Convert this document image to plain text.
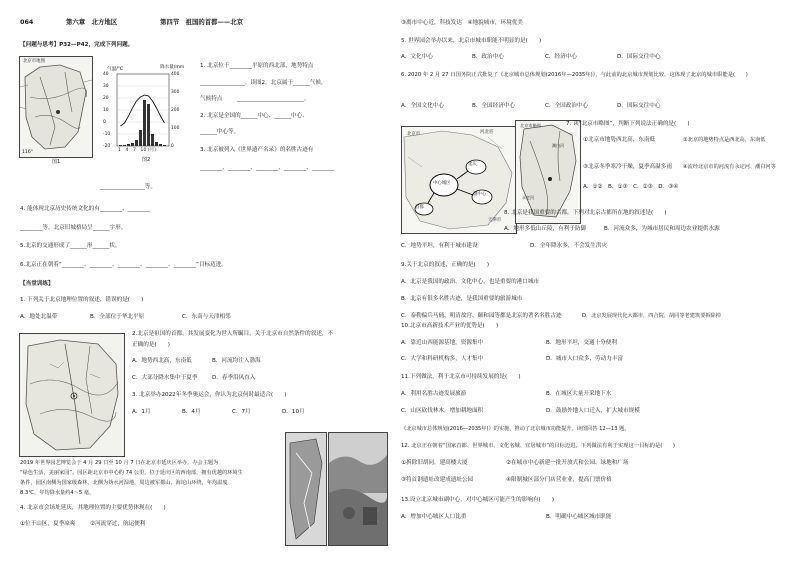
064	第六章　北方地区	第四节　祖国的首都——北京
【问题与思考】P32—P42，完成下列问题。
北京市地图
116°
图1
气温/℃	降水量/mm
40
30
20
10
0
-10
-20
400
300
200
100
0
1　4　7　10 (月)
图2
1. 北京位于________平原的西北部，地势特点
________________。读图2，北京属于______气候，
气候特点	________________________。
2. 北京是全国的______中心、______中心、
______中心等。
3. 北京被列入《世界遗产名录》的名胜古迹有
________、________、________、________、________
________________等。
4. 能体现北京历史传统文化的有________、________
________等。北京旧城格局呈______字形。
5.北京的交通形成了______形______状。
6.北京正在朝着“________、________、________、________、________”目标迈进。
【当堂训练】
1. 下列关于北京地理位置的叙述，错误的是(　　)
A．地处北温带	B．全部位于华北平原	C．东南与天津相邻
2.北京是祖国的首都，其发展变化为世人所瞩目，关于北京市自然条件的叙述，不
正确的是(　　)
A．地势西北高，东南低	B．河流均注入渤海
C．大部分降水集中于夏季	D．春季沿风直入
3. 北京举办2022年冬季奥运会，你认为北京何时最适合(　　)
A．1月	B．4月	C．7月	D．10月
2019 年世界园艺博览会于 4 月 29 日至 10 月 7 日在北京市延庆区举办。办会主题为
“绿色生活，美丽家园”。园区距北京市中心约 74 公里，位于延庆区的西南部，拥有优越的环境生
条件，园区南侧为国家级森林，北侧为妫水河湿地，周边被军都山、海坨山环绕，年均温度
8.3℃，年均降水量约4～5 毫。
4. 北京市会场址延庆，其地理位置的主要优势体现在(　　)
①位于山区，夏季凉爽	②河流穿过，航运便利
③离市中心近，科技发达　④地貌城市，环境优美
5. 世界园会举办以来，北京市城市职能不明显的是(　　)
A．文化中心	B．政治中心	C．经济中心	D．国际交往中心
6. 2020 年 2 月 27 日国务院正式批复了《北京城市总体规划(2016年—2035年)》，与此前的北京城市规划比较，这体现了北京的城市职能是(　　)
A．全国文化中心	B．全国经济中心	C．全国政治中心	D．国际交往中心
中心城区
延庆
首都
副中心
北京市
天津市
河北省
北京市略图
永定河
潮白河
7. 读“北京市略图”，判断下列说法正确的是(　　)
①北京市地势西北高，东南低	②北京的地势特点是西北高，东南低
③北京冬季寒冷干燥，夏季高温多雨 ④流经北京市的河流有永定河、潮白河等
A．①②　B．①③　C．②③　D．③④
8. 北京是我国重要的古都，下列对北京古都所在地的叙述是(　　)
A．地形多低山丘陵，有利于防御	B．河流众多，为城市居民和周边农业提供水源
C．地势平坦，有利于城市建设	D．全年降水多，不会发生洪灾
9.关于北京的叙述，正确的是(　　)
A．北京是我国的政治、文化中心，也是重要的港口城市
B．北京有很多名胜古迹，是我国重要的旅游城市
C．泰勒偏兵马俑、明清故宫、颐和园等都是北京的著名名胜古迹	D．北京发展现代化大都市，四合院、胡同等老建筑要拆除掉
10.北京市高新技术产业的优势是(　　)
A．靠近山西能源基地，资源集中	B．地形平坦，交通十分便利
C．大学和科研机构多，人才集中	D．城市人口众多，劳动力丰富
11.下列做法，利于北京市可持续发展的是(　　)
A．利用名胜古迹发展旅游	B．在城区大量开采地下水
C．山区砍伐林木，增加耕地面积	D．鼓励外地人口迁入，扩大城市规模
《北京城市总体规划(2016—2035年)》的实施，推动了北京城市功能提升。读图回答 12—13 题。
12. 北京正在朝着“国家首都、世界城市、文化名城、宜居城市”的目标迈进。下列做法有利于实现这一目标的是(　　)
①拆除旧胡同，建高楼大厦	②在城市中心新建一批开放式和公园、绿地和广场
③将首钢遗址改建成遗址公园	④限制城区部分门店营业业，提高门票价格
13.设立北京城市副中心，对中心城区可能产生的影响有(　　)
A．增加中心城区人口比重	B．明确中心城区城市职能
